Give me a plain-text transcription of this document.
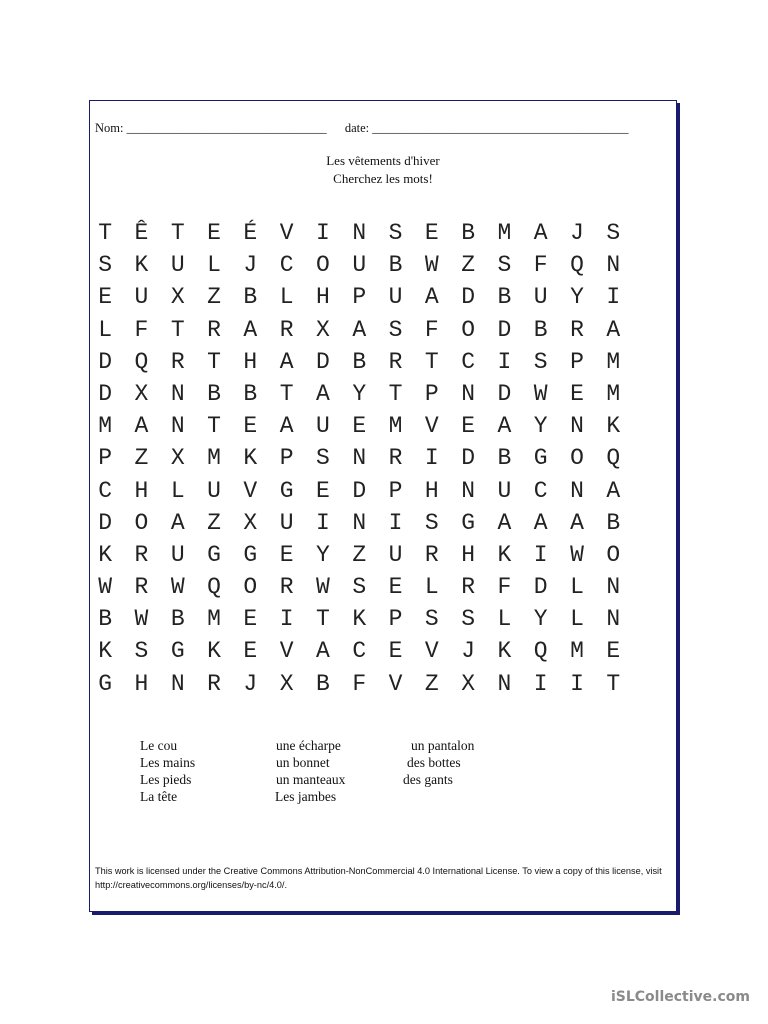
Nom: ________________________________ date: _________________________________________
Les vêtements d'hiver
Cherchez les mots!
T Ê T E É V I N S E B M A J S
S K U L J C O U B W Z S F Q N
E U X Z B L H P U A D B U Y I
L F T R A R X A S F O D B R A
D Q R T H A D B R T C I S P M
D X N B B T A Y T P N D W E M
M A N T E A U E M V E A Y N K
P Z X M K P S N R I D B G O Q
C H L U V G E D P H N U C N A
D O A Z X U I N I S G A A A B
K R U G G E Y Z U R H K I W O
W R W Q O R W S E L R F D L N
B W B M E I T K P S S L Y L N
K S G K E V A C E V J K Q M E
G H N R J X B F V Z X N I I T
Le cou
Les mains
Les pieds
La tête
une écharpe
un bonnet
un manteaux
Les jambes
un pantalon
des bottes
des gants
This work is licensed under the Creative Commons Attribution-NonCommercial 4.0 International License. To view a copy of this license, visit http://creativecommons.org/licenses/by-nc/4.0/.
iSLCollective.com
